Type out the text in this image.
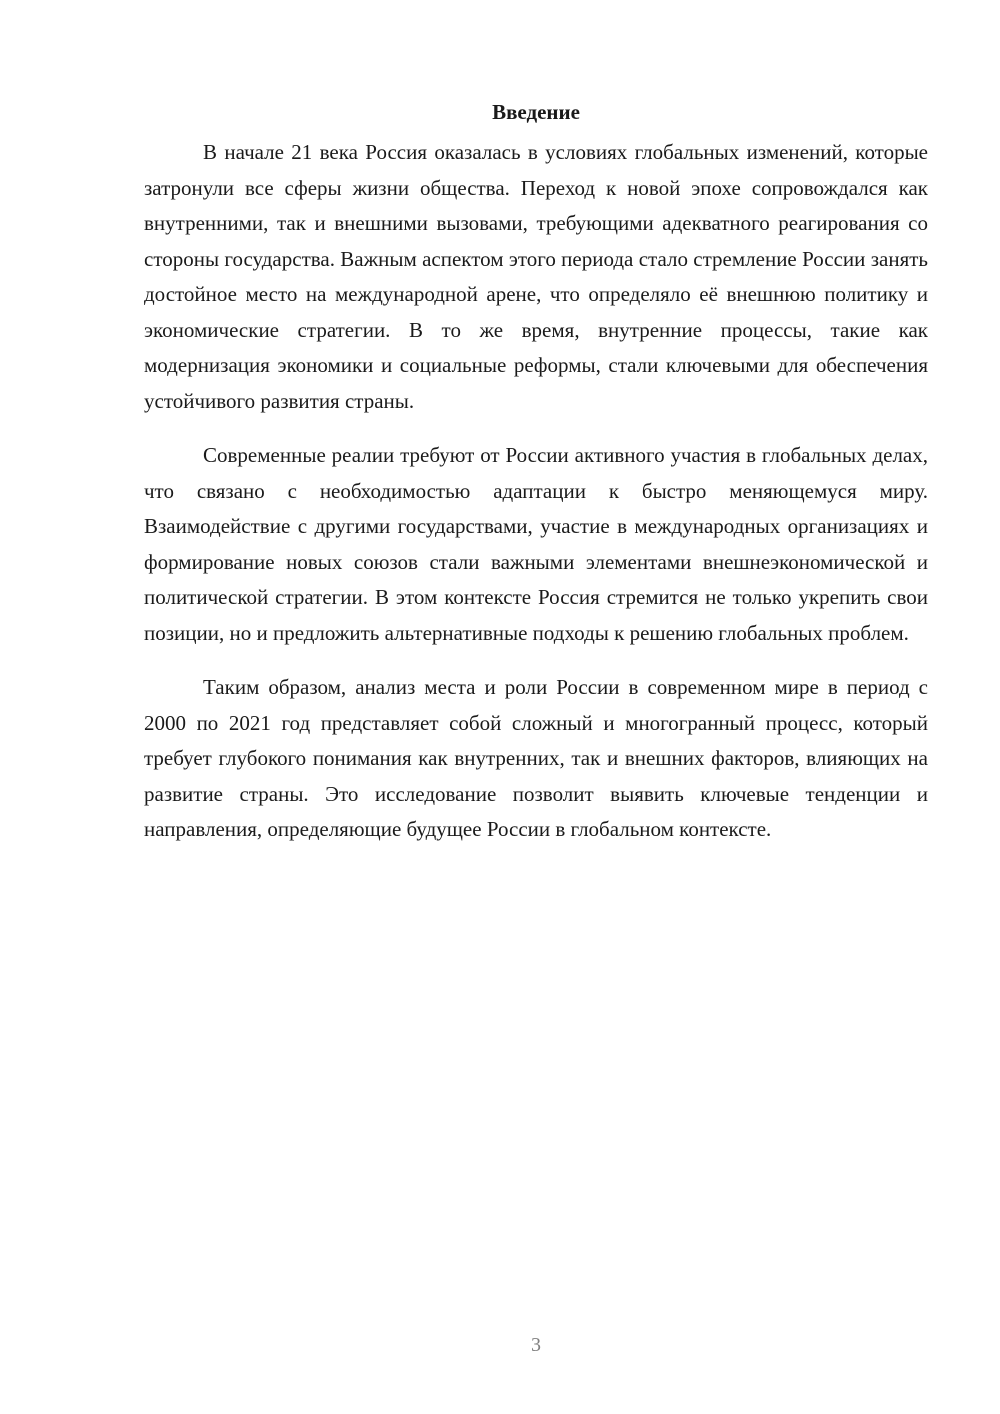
Введение

В начале 21 века Россия оказалась в условиях глобальных изменений, которые затронули все сферы жизни общества. Переход к новой эпохе сопровождался как внутренними, так и внешними вызовами, требующими адекватного реагирования со стороны государства. Важным аспектом этого периода стало стремление России занять достойное место на международной арене, что определяло её внешнюю политику и экономические стратегии. В то же время, внутренние процессы, такие как модернизация экономики и социальные реформы, стали ключевыми для обеспечения устойчивого развития страны.

Современные реалии требуют от России активного участия в глобальных делах, что связано с необходимостью адаптации к быстро меняющемуся миру. Взаимодействие с другими государствами, участие в международных организациях и формирование новых союзов стали важными элементами внешнеэкономической и политической стратегии. В этом контексте Россия стремится не только укрепить свои позиции, но и предложить альтернативные подходы к решению глобальных проблем.

Таким образом, анализ места и роли России в современном мире в период с 2000 по 2021 год представляет собой сложный и многогранный процесс, который требует глубокого понимания как внутренних, так и внешних факторов, влияющих на развитие страны. Это исследование позволит выявить ключевые тенденции и направления, определяющие будущее России в глобальном контексте.

3
